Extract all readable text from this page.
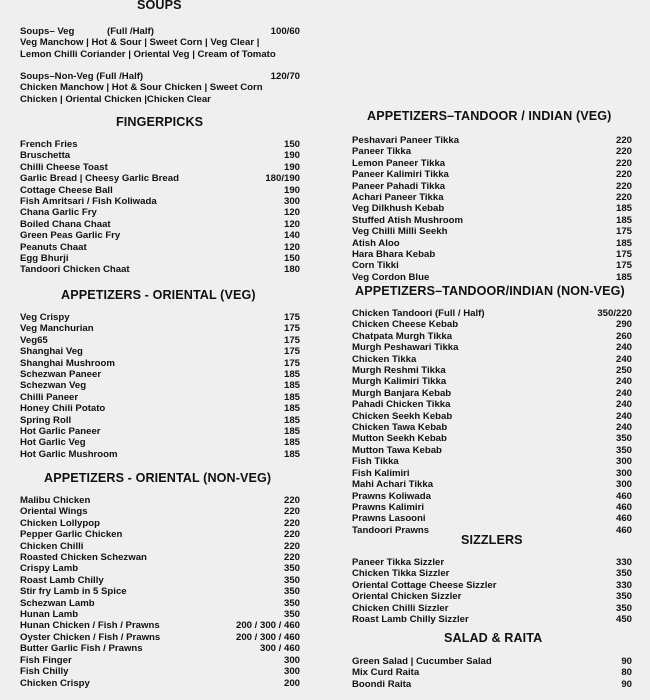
SOUPS
Soups– Veg	(Full /Half)	100/60
Veg Manchow | Hot & Sour | Sweet Corn | Veg Clear |
Lemon Chilli Coriander | Oriental Veg | Cream of Tomato
Soups–Non-Veg (Full /Half)	120/70
Chicken Manchow | Hot & Sour Chicken | Sweet Corn
Chicken | Oriental Chicken |Chicken Clear
FINGERPICKS
French Fries	150
Bruschetta	190
Chilli Cheese Toast	190
Garlic Bread | Cheesy Garlic Bread	180/190
Cottage Cheese Ball	190
Fish Amritsari / Fish Koliwada	300
Chana Garlic Fry	120
Boiled Chana Chaat	120
Green Peas Garlic Fry	140
Peanuts Chaat	120
Egg Bhurji	150
Tandoori Chicken Chaat	180
APPETIZERS - ORIENTAL (VEG)
Veg Crispy	175
Veg Manchurian	175
Veg65	175
Shanghai Veg	175
Shanghai Mushroom	175
Schezwan Paneer	185
Schezwan Veg	185
Chilli Paneer	185
Honey Chili Potato	185
Spring Roll	185
Hot Garlic Paneer	185
Hot Garlic Veg	185
Hot Garlic Mushroom	185
APPETIZERS - ORIENTAL (NON-VEG)
Malibu Chicken	220
Oriental Wings	220
Chicken Lollypop	220
Pepper Garlic Chicken	220
Chicken Chilli	220
Roasted Chicken Schezwan	220
Crispy Lamb	350
Roast Lamb Chilly	350
Stir fry Lamb in 5 Spice	350
Schezwan Lamb	350
Hunan Lamb	350
Hunan Chicken / Fish / Prawns	200 / 300 / 460
Oyster Chicken / Fish / Prawns	200 / 300 / 460
Butter Garlic Fish / Prawns	300 / 460
Fish Finger	300
Fish Chilly	300
Chicken Crispy	200
APPETIZERS–TANDOOR / INDIAN (VEG)
Peshavari Paneer Tikka	220
Paneer Tikka	220
Lemon Paneer Tikka	220
Paneer Kalimiri Tikka	220
Paneer Pahadi Tikka	220
Achari Paneer Tikka	220
Veg Dilkhush Kebab	185
Stuffed Atish Mushroom	185
Veg Chilli Milli Seekh	175
Atish Aloo	185
Hara Bhara Kebab	175
Corn Tikki	175
Veg Cordon Blue	185
APPETIZERS–TANDOOR/INDIAN (NON-VEG)
Chicken Tandoori (Full / Half)	350/220
Chicken Cheese Kebab	290
Chatpata Murgh Tikka	260
Murgh Peshawari Tikka	240
Chicken Tikka	240
Murgh Reshmi Tikka	250
Murgh Kalimiri Tikka	240
Murgh Banjara Kebab	240
Pahadi Chicken Tikka	240
Chicken Seekh Kebab	240
Chicken Tawa Kebab	240
Mutton Seekh Kebab	350
Mutton Tawa Kebab	350
Fish Tikka	300
Fish Kalimiri	300
Mahi Achari Tikka	300
Prawns Koliwada	460
Prawns Kalimiri	460
Prawns Lasooni	460
Tandoori Prawns	460
SIZZLERS
Paneer Tikka Sizzler	330
Chicken Tikka Sizzler	350
Oriental Cottage Cheese Sizzler	330
Oriental Chicken Sizzler	350
Chicken Chilli Sizzler	350
Roast Lamb Chilly Sizzler	450
SALAD & RAITA
Green Salad | Cucumber Salad	90
Mix Curd Raita	80
Boondi Raita	90
